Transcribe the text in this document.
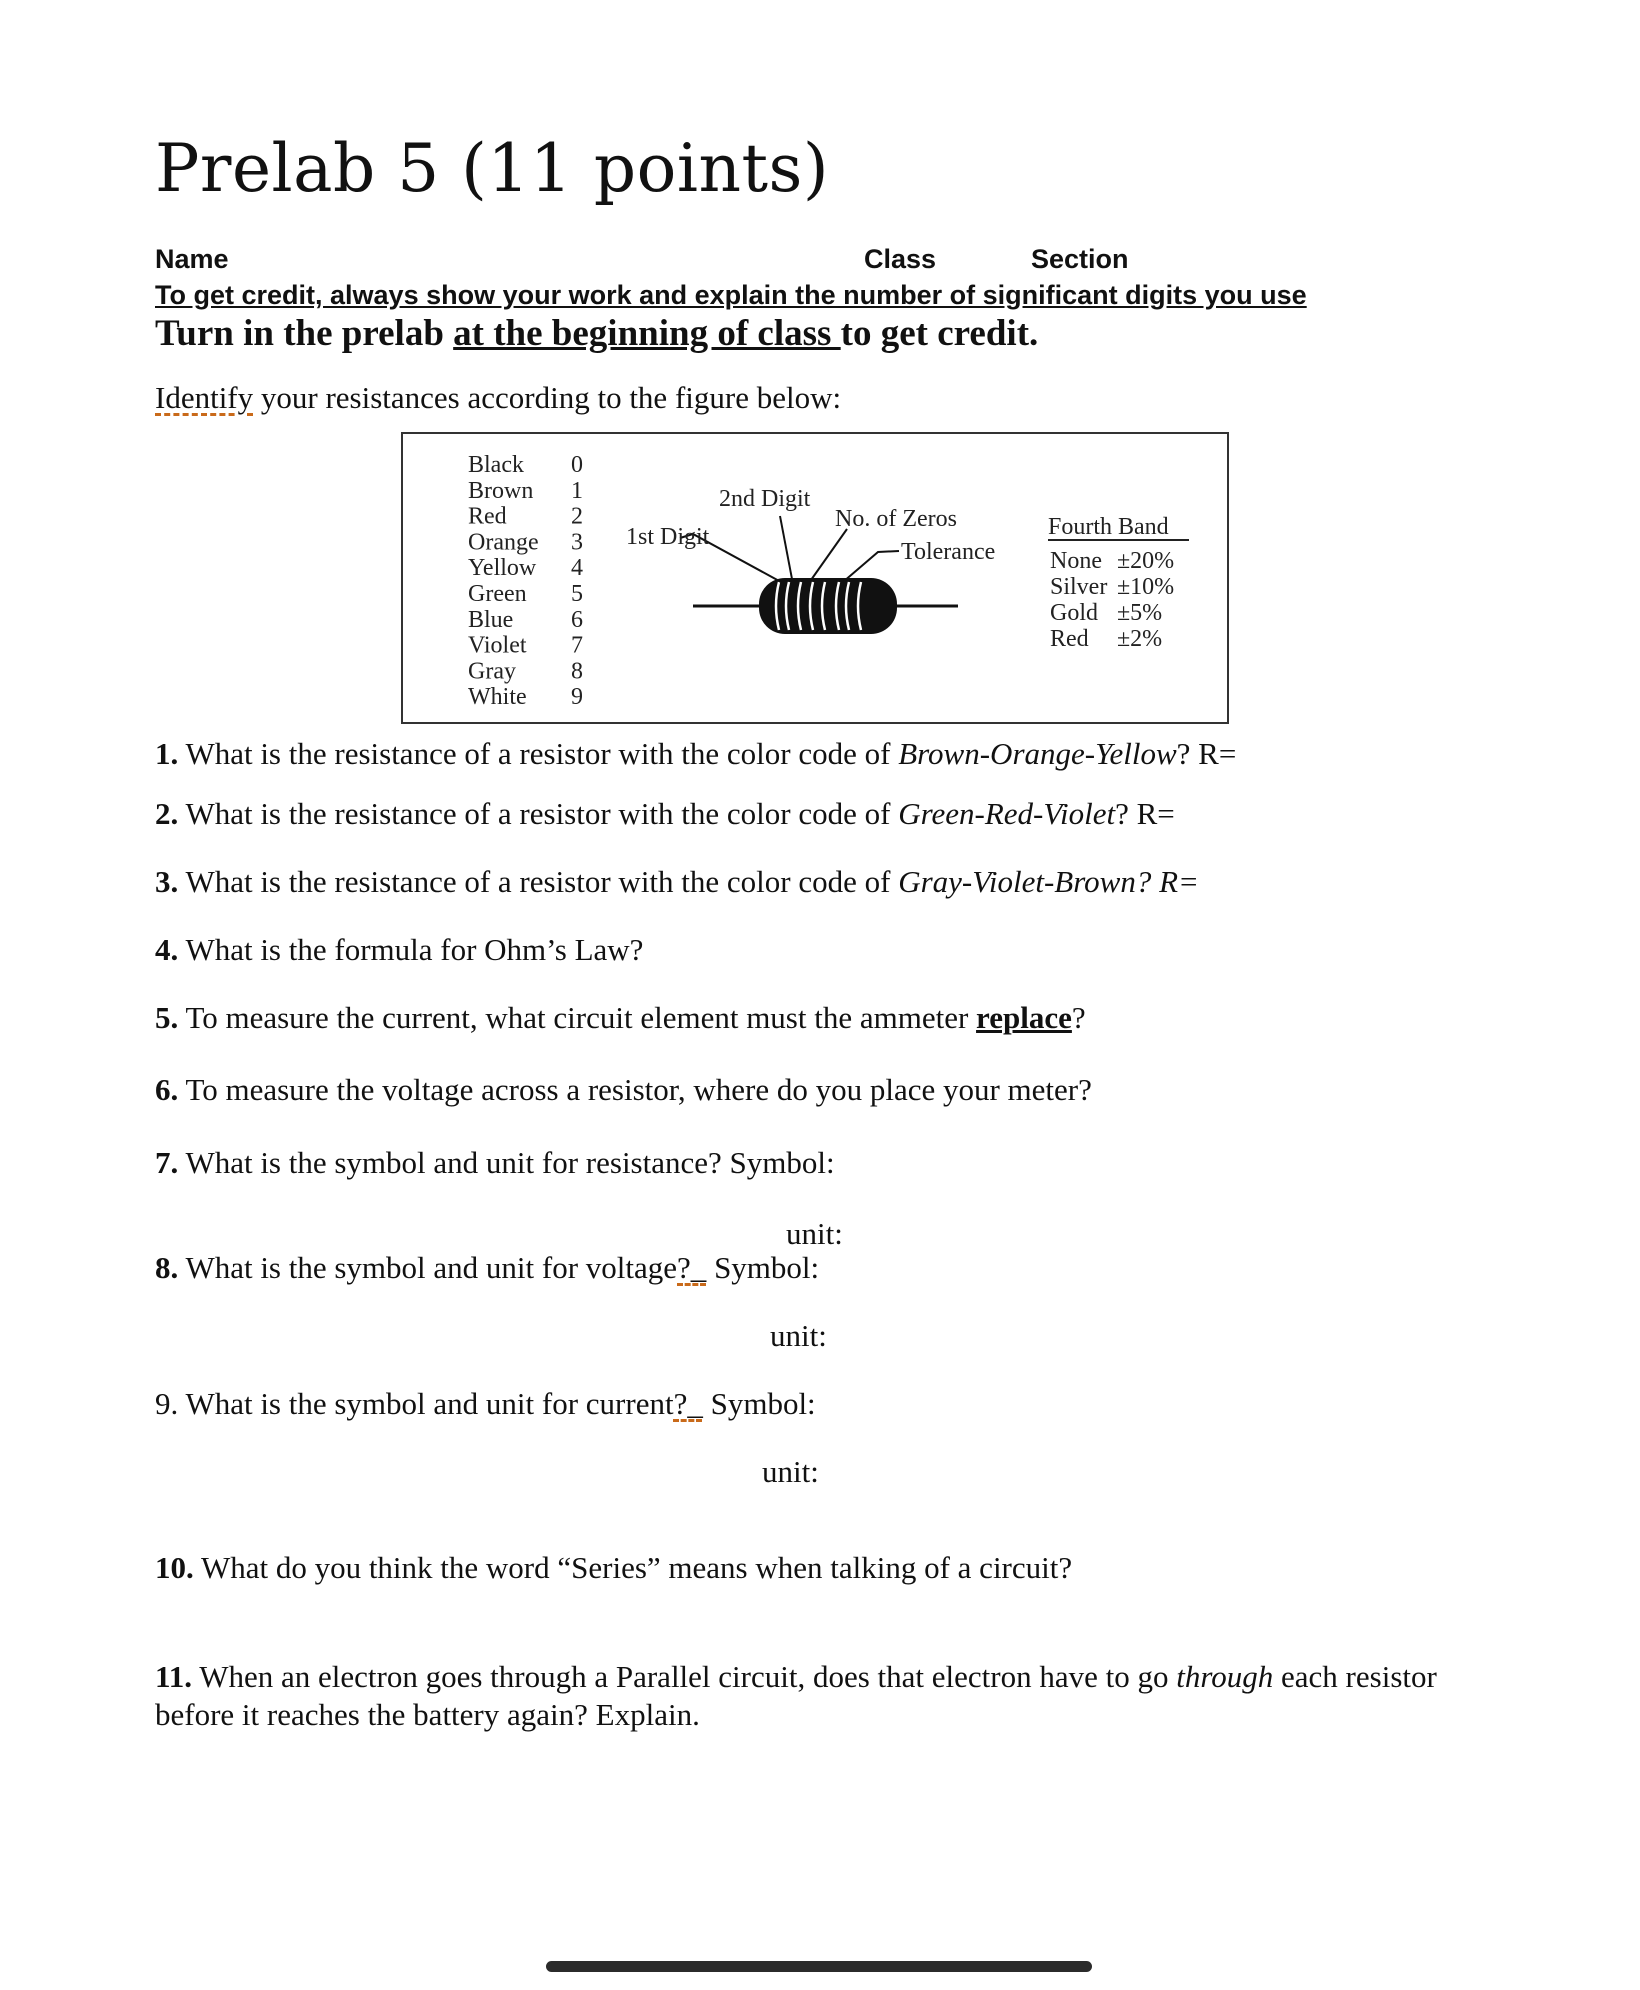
Prelab 5 (11 points)
Name	Class	Section
To get credit, always show your work and explain the number of significant digits you use
Turn in the prelab at the beginning of class to get credit.
Identify your resistances according to the figure below:
Black 0
Brown 1
Red	2
Orange 3
Yellow 4
Green 5
Blue 6
Violet 7
Gray 8
White 9
1st Digit
2nd Digit
No. of Zeros
Tolerance
Fourth Band
None ±20%
Silver ±10%
Gold ±5%
Red ±2%
1. What is the resistance of a resistor with the color code of Brown-Orange-Yellow? R=
2. What is the resistance of a resistor with the color code of Green-Red-Violet? R=
3. What is the resistance of a resistor with the color code of Gray-Violet-Brown? R=
4. What is the formula for Ohm’s Law?
5. To measure the current, what circuit element must the ammeter replace?
6. To measure the voltage across a resistor, where do you place your meter?
7. What is the symbol and unit for resistance? Symbol:
unit:
8. What is the symbol and unit for voltage?_ Symbol:
unit:
9. What is the symbol and unit for current?_ Symbol:
unit:
10. What do you think the word “Series” means when talking of a circuit?
11. When an electron goes through a Parallel circuit, does that electron have to go through each resistor before it reaches the battery again? Explain.
